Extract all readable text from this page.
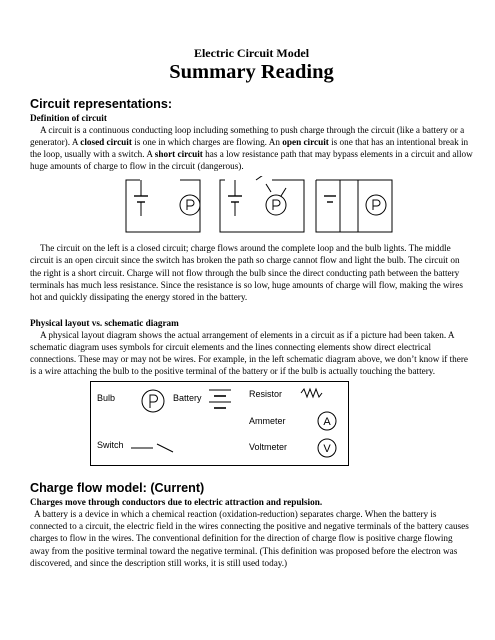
Electric Circuit Model

Summary Reading

Circuit representations:
Definition of circuit

A circuit is a continuous conducting loop including something to push charge through the circuit (like a battery or a generator). A closed circuit is one in which charges are flowing. An open circuit is one that has an intentional break in the loop, usually with a switch. A short circuit has a low resistance path that may bypass elements in a circuit and allow huge amounts of charge to flow in the circuit (dangerous).

The circuit on the left is a closed circuit; charge flows around the complete loop and the bulb lights. The middle circuit is an open circuit since the switch has broken the path so charge cannot flow and light the bulb. The circuit on the right is a short circuit. Charge will not flow through the bulb since the direct conducting path between the battery terminals has much less resistance. Since the resistance is so low, huge amounts of charge will flow, making the wires hot and quickly dissipating the energy stored in the battery.

Physical layout vs. schematic diagram

A physical layout diagram shows the actual arrangement of elements in a circuit as if a picture had been taken. A schematic diagram uses symbols for circuit elements and the lines connecting elements show direct electrical connections. These may or may not be wires. For example, in the left schematic diagram above, we don’t know if there is a wire attaching the bulb to the positive terminal of the battery or if the bulb is actually touching the battery.

Bulb	Battery
Switch
Resistor
Ammeter
Voltmeter
A
V
Charge flow model: (Current)

Charges move through conductors due to electric attraction and repulsion.

A battery is a device in which a chemical reaction (oxidation-reduction) separates charge. When the battery is connected to a circuit, the electric field in the wires connecting the positive and negative terminals of the battery causes charges to flow in the wires. The conventional definition for the direction of charge flow is positive charge flowing away from the positive terminal toward the negative terminal. (This definition was proposed before the electron was discovered, and since the description still works, it is still used today.)
